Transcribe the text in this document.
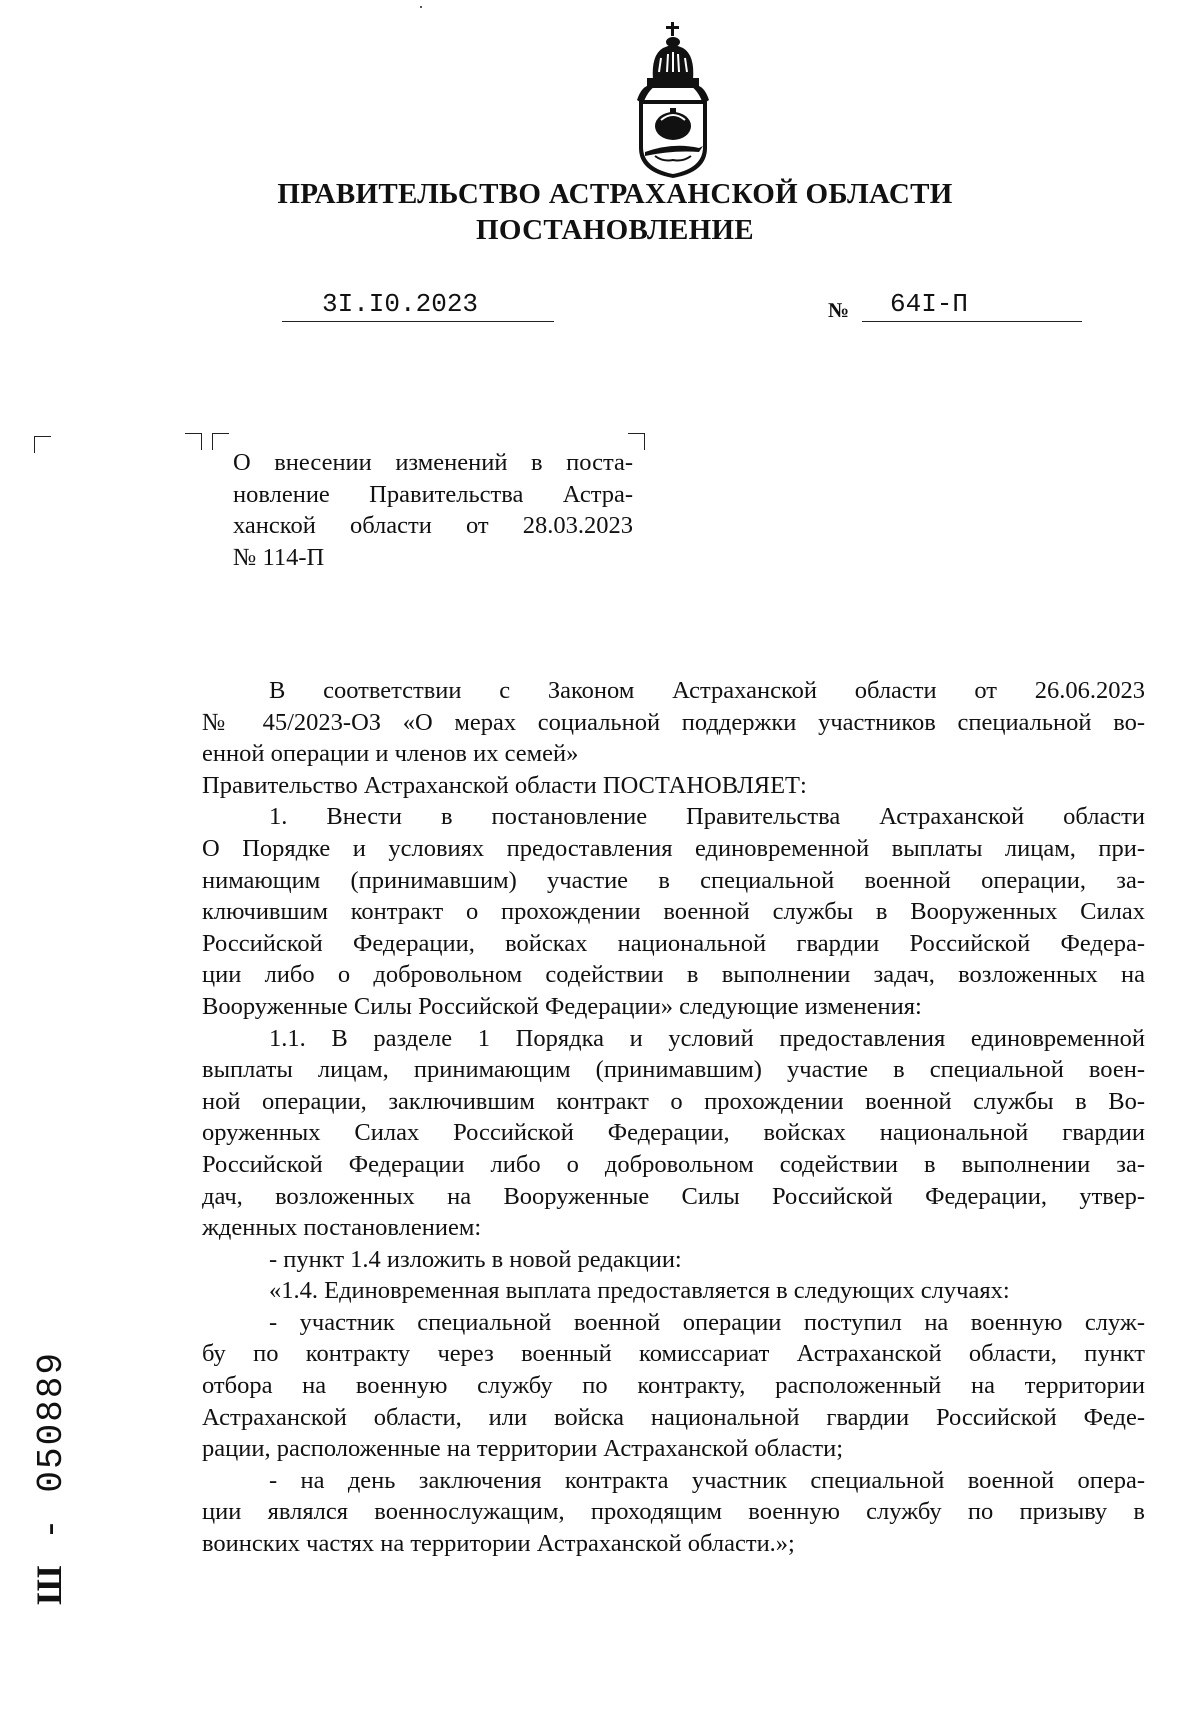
ПРАВИТЕЛЬСТВО АСТРАХАНСКОЙ ОБЛАСТИ
ПОСТАНОВЛЕНИЕ
3I.I0.2023	№	64I-П
О внесении изменений в поста-
новление Правительства Астра-
ханской области от 28.03.2023
№ 114-П
В соответствии с Законом Астраханской области от 26.06.2023
№ 45/2023-ОЗ «О мерах социальной поддержки участников специальной во-
енной операции и членов их семей»
Правительство Астраханской области ПОСТАНОВЛЯЕТ:
1. Внести в постановление Правительства Астраханской области
О Порядке и условиях предоставления единовременной выплаты лицам, при-
нимающим (принимавшим) участие в специальной военной операции, за-
ключившим контракт о прохождении военной службы в Вооруженных Силах
Российской Федерации, войсках национальной гвардии Российской Федера-
ции либо о добровольном содействии в выполнении задач, возложенных на
Вооруженные Силы Российской Федерации» следующие изменения:
1.1. В разделе 1 Порядка и условий предоставления единовременной
выплаты лицам, принимающим (принимавшим) участие в специальной воен-
ной операции, заключившим контракт о прохождении военной службы в Во-
оруженных Силах Российской Федерации, войсках национальной гвардии
Российской Федерации либо о добровольном содействии в выполнении за-
дач, возложенных на Вооруженные Силы Российской Федерации, утвер-
жденных постановлением:
- пункт 1.4 изложить в новой редакции:
«1.4. Единовременная выплата предоставляется в следующих случаях:
- участник специальной военной операции поступил на военную служ-
бу по контракту через военный комиссариат Астраханской области, пункт
отбора на военную службу по контракту, расположенный на территории
Астраханской области, или войска национальной гвардии Российской Феде-
рации, расположенные на территории Астраханской области;
- на день заключения контракта участник специальной военной опера-
ции являлся военнослужащим, проходящим военную службу по призыву в
воинских частях на территории Астраханской области.»;
Ш - 050889
